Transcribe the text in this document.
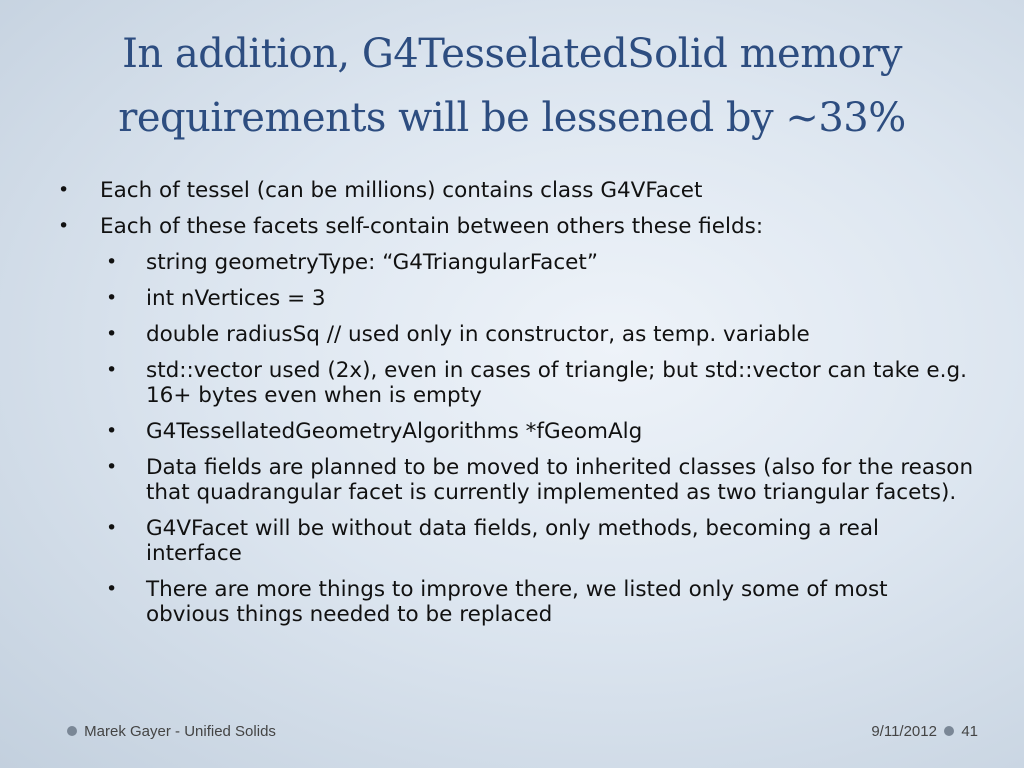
In addition, G4TesselatedSolid memory
requirements will be lessened by ~33%
• Each of tessel (can be millions) contains class G4VFacet
• Each of these facets self-contain between others these fields:
• string geometryType: “G4TriangularFacet”
• int nVertices = 3
• double radiusSq // used only in constructor, as temp. variable
• std::vector used (2x), even in cases of triangle; but std::vector can take e.g. 16+ bytes even when is empty
• G4TessellatedGeometryAlgorithms *fGeomAlg
• Data fields are planned to be moved to inherited classes (also for the reason that quadrangular facet is currently implemented as two triangular facets).
• G4VFacet will be without data fields, only methods, becoming a real interface
• There are more things to improve there, we listed only some of most obvious things needed to be replaced
Marek Gayer - Unified Solids	9/11/2012 41
